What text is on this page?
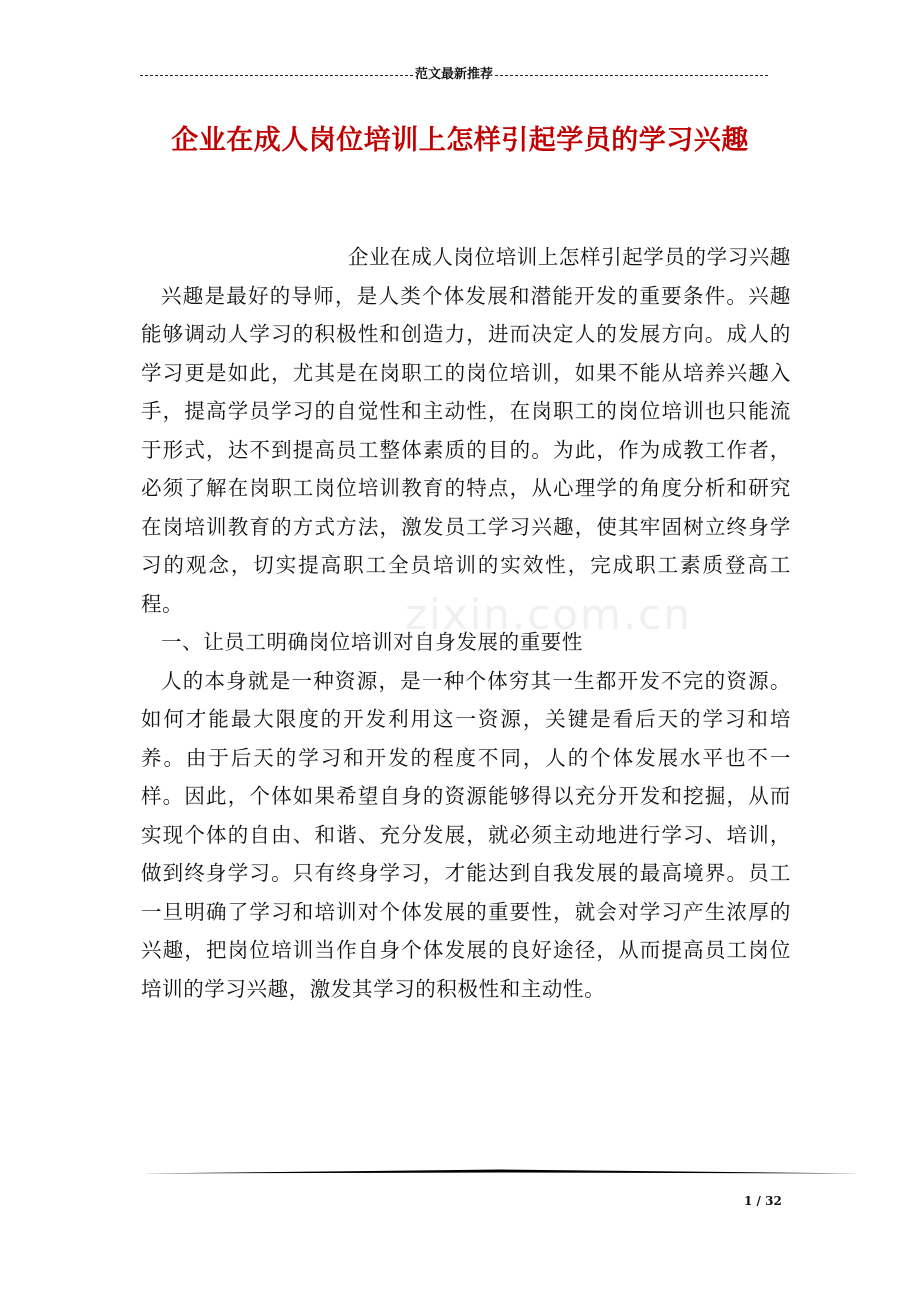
范文最新推荐
企业在成人岗位培训上怎样引起学员的学习兴趣
zixin.com.cn

企业在成人岗位培训上怎样引起学员的学习兴趣

兴趣是最好的导师，是人类个体发展和潜能开发的重要条件。兴趣能够调动人学习的积极性和创造力，进而决定人的发展方向。成人的学习更是如此，尤其是在岗职工的岗位培训，如果不能从培养兴趣入手，提高学员学习的自觉性和主动性，在岗职工的岗位培训也只能流于形式，达不到提高员工整体素质的目的。为此，作为成教工作者，必须了解在岗职工岗位培训教育的特点，从心理学的角度分析和研究在岗培训教育的方式方法，激发员工学习兴趣，使其牢固树立终身学习的观念，切实提高职工全员培训的实效性，完成职工素质登高工程。

一、让员工明确岗位培训对自身发展的重要性

人的本身就是一种资源，是一种个体穷其一生都开发不完的资源。如何才能最大限度的开发利用这一资源，关键是看后天的学习和培养。由于后天的学习和开发的程度不同，人的个体发展水平也不一样。因此，个体如果希望自身的资源能够得以充分开发和挖掘，从而实现个体的自由、和谐、充分发展，就必须主动地进行学习、培训，做到终身学习。只有终身学习，才能达到自我发展的最高境界。员工一旦明确了学习和培训对个体发展的重要性，就会对学习产生浓厚的兴趣，把岗位培训当作自身个体发展的良好途径，从而提高员工岗位培训的学习兴趣，激发其学习的积极性和主动性。

1 / 32
